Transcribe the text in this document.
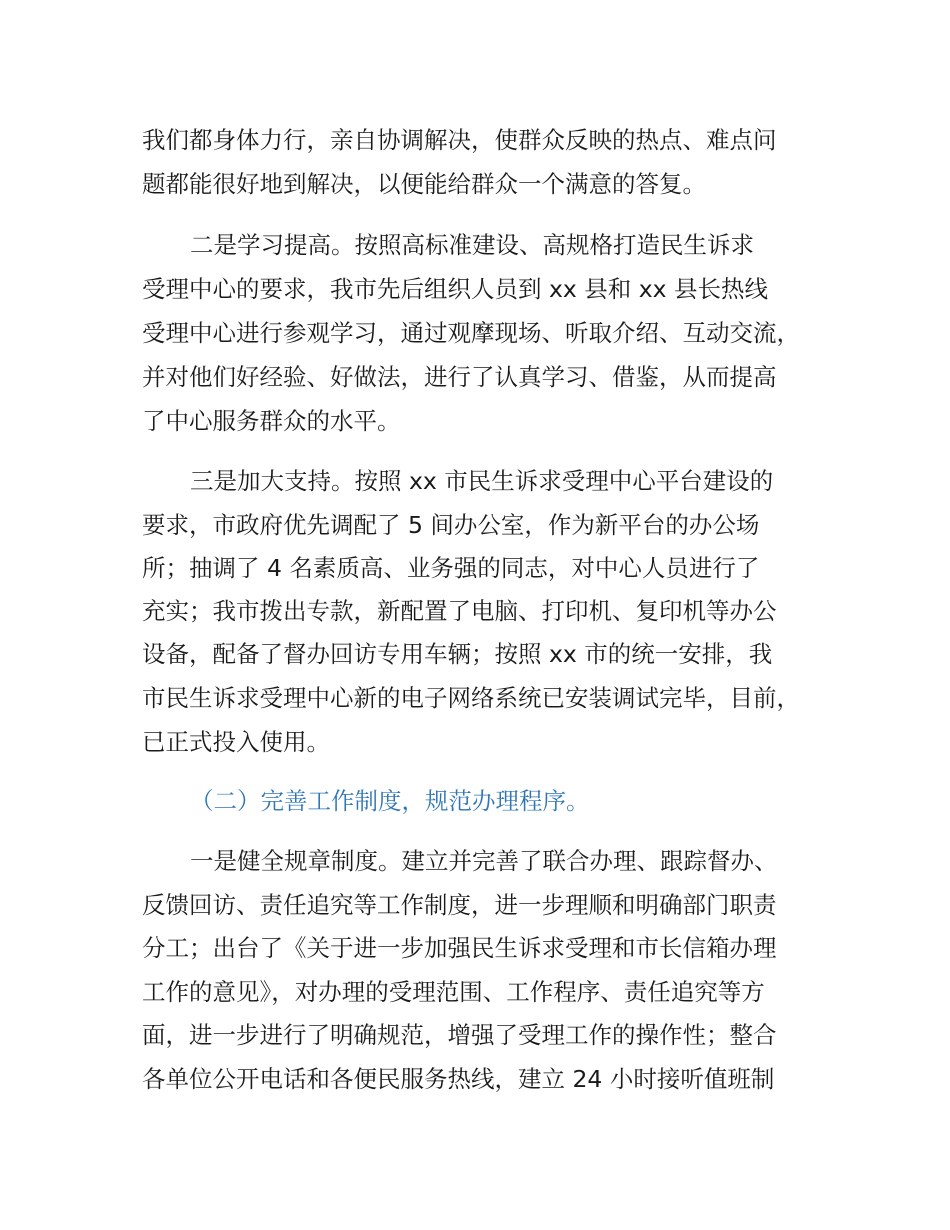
我们都身体力行，亲自协调解决，使群众反映的热点、难点问
题都能很好地到解决，以便能给群众一个满意的答复。
二是学习提高。按照高标准建设、高规格打造民生诉求
受理中心的要求，我市先后组织人员到 xx 县和 xx 县长热线
受理中心进行参观学习，通过观摩现场、听取介绍、互动交流，
并对他们好经验、好做法，进行了认真学习、借鉴，从而提高
了中心服务群众的水平。
三是加大支持。按照 xx 市民生诉求受理中心平台建设的
要求，市政府优先调配了 5 间办公室，作为新平台的办公场
所；抽调了 4 名素质高、业务强的同志，对中心人员进行了
充实；我市拨出专款，新配置了电脑、打印机、复印机等办公
设备，配备了督办回访专用车辆；按照 xx 市的统一安排，我
市民生诉求受理中心新的电子网络系统已安装调试完毕，目前，
已正式投入使用。
（二）完善工作制度，规范办理程序。
一是健全规章制度。建立并完善了联合办理、跟踪督办、
反馈回访、责任追究等工作制度，进一步理顺和明确部门职责
分工；出台了《关于进一步加强民生诉求受理和市长信箱办理
工作的意见》，对办理的受理范围、工作程序、责任追究等方
面，进一步进行了明确规范，增强了受理工作的操作性；整合
各单位公开电话和各便民服务热线，建立 24 小时接听值班制
